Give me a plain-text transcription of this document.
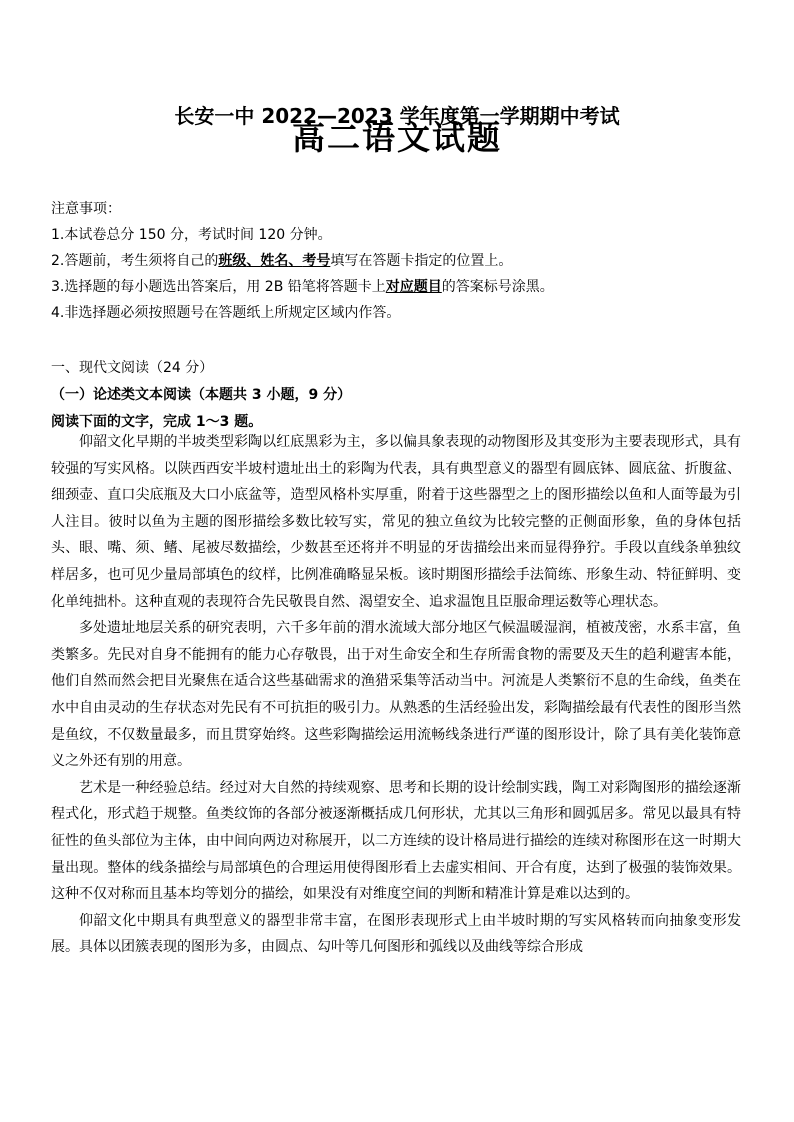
长安一中 2022—2023 学年度第一学期期中考试
高二语文试题
注意事项：
1.本试卷总分 150 分，考试时间 120 分钟。
2.答题前，考生须将自己的班级、姓名、考号填写在答题卡指定的位置上。
3.选择题的每小题选出答案后，用 2B 铅笔将答题卡上对应题目的答案标号涂黑。
4.非选择题必须按照题号在答题纸上所规定区域内作答。
一、现代文阅读（24 分）
（一）论述类文本阅读（本题共 3 小题，9 分）
阅读下面的文字，完成 1～3 题。

仰韶文化早期的半坡类型彩陶以红底黑彩为主，多以偏具象表现的动物图形及其变形为主要表现形式，具有较强的写实风格。以陕西西安半坡村遗址出土的彩陶为代表，具有典型意义的器型有圆底钵、圆底盆、折腹盆、细颈壶、直口尖底瓶及大口小底盆等，造型风格朴实厚重，附着于这些器型之上的图形描绘以鱼和人面等最为引人注目。彼时以鱼为主题的图形描绘多数比较写实，常见的独立鱼纹为比较完整的正侧面形象，鱼的身体包括头、眼、嘴、须、鳍、尾被尽数描绘，少数甚至还将并不明显的牙齿描绘出来而显得狰狞。手段以直线条单独纹样居多，也可见少量局部填色的纹样，比例准确略显呆板。该时期图形描绘手法简练、形象生动、特征鲜明、变化单纯拙朴。这种直观的表现符合先民敬畏自然、渴望安全、追求温饱且臣服命理运数等心理状态。

多处遗址地层关系的研究表明，六千多年前的渭水流域大部分地区气候温暖湿润，植被茂密，水系丰富，鱼类繁多。先民对自身不能拥有的能力心存敬畏，出于对生命安全和生存所需食物的需要及天生的趋利避害本能，他们自然而然会把目光聚焦在适合这些基础需求的渔猎采集等活动当中。河流是人类繁衍不息的生命线，鱼类在水中自由灵动的生存状态对先民有不可抗拒的吸引力。从熟悉的生活经验出发，彩陶描绘最有代表性的图形当然是鱼纹，不仅数量最多，而且贯穿始终。这些彩陶描绘运用流畅线条进行严谨的图形设计，除了具有美化装饰意义之外还有别的用意。

艺术是一种经验总结。经过对大自然的持续观察、思考和长期的设计绘制实践，陶工对彩陶图形的描绘逐渐程式化，形式趋于规整。鱼类纹饰的各部分被逐渐概括成几何形状，尤其以三角形和圆弧居多。常见以最具有特征性的鱼头部位为主体，由中间向两边对称展开，以二方连续的设计格局进行描绘的连续对称图形在这一时期大量出现。整体的线条描绘与局部填色的合理运用使得图形看上去虚实相间、开合有度，达到了极强的装饰效果。这种不仅对称而且基本均等划分的描绘，如果没有对维度空间的判断和精准计算是难以达到的。

仰韶文化中期具有典型意义的器型非常丰富，在图形表现形式上由半坡时期的写实风格转而向抽象变形发展。具体以团簇表现的图形为多，由圆点、勾叶等几何图形和弧线以及曲线等综合形成
